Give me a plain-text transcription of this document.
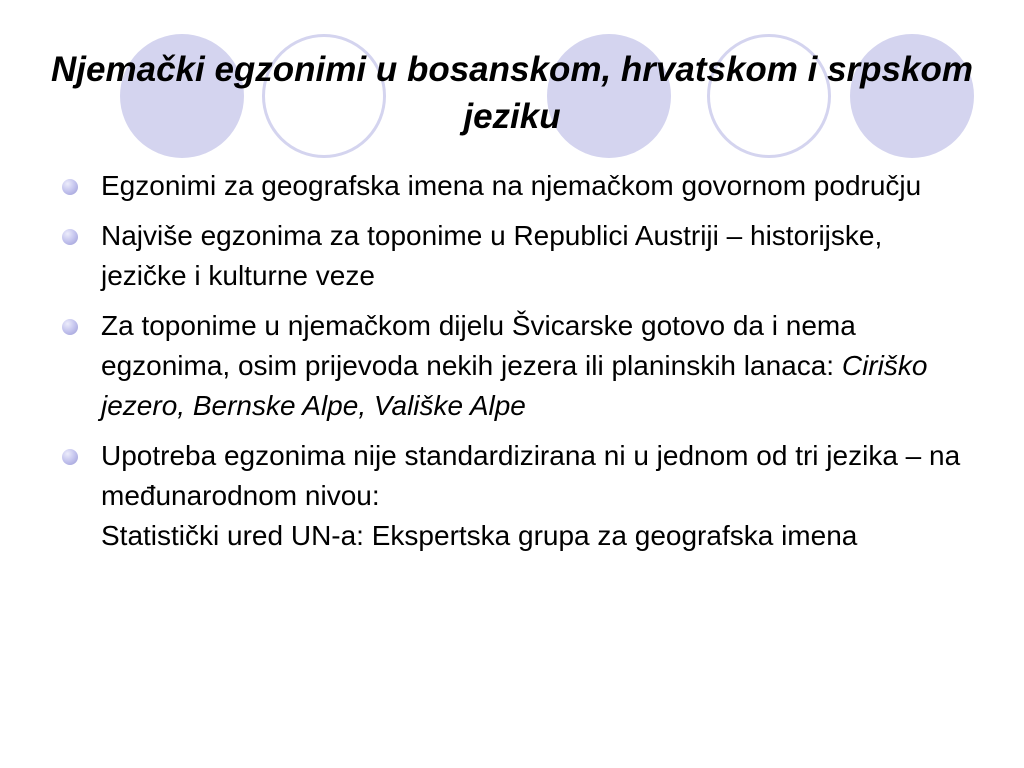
Njemački egzonimi u bosanskom, hrvatskom i srpskom jeziku
Egzonimi za geografska imena na njemačkom govornom području
Najviše egzonima za toponime u Republici Austriji – historijske, jezičke i kulturne veze
Za toponime u njemačkom dijelu Švicarske gotovo da i nema egzonima, osim prijevoda nekih jezera ili planinskih lanaca: Ciriško jezero, Bernske Alpe, Vališke Alpe
Upotreba egzonima nije standardizirana ni u jednom od tri jezika – na međunarodnom nivou:
Statistički ured UN-a: Ekspertska grupa za geografska imena
